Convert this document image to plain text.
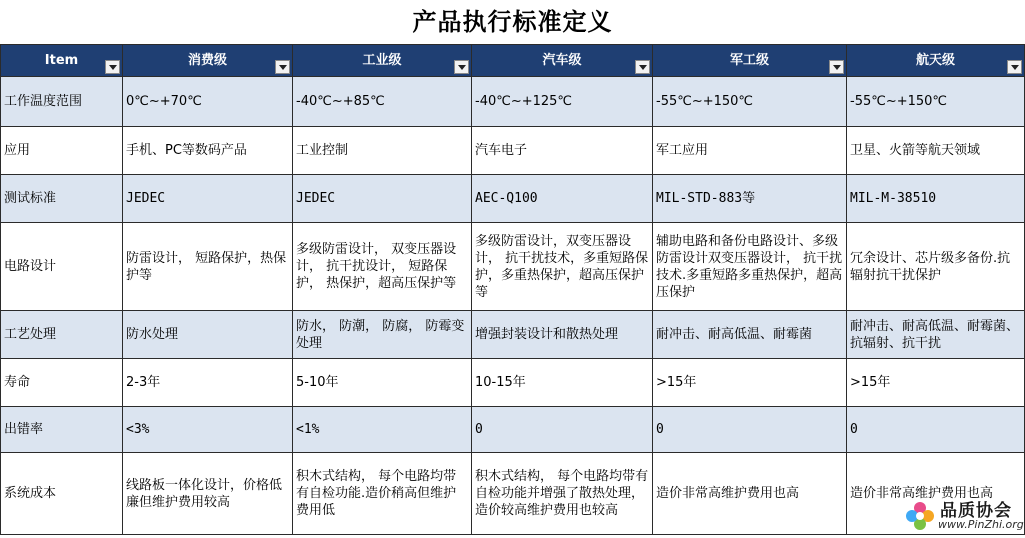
产品执行标准定义
Item	消费级	工业级	汽车级	军工级	航天级

工作温度范围	0℃~+70℃	-40℃~+85℃	-40℃~+125℃	-55℃~+150℃	-55℃~+150℃
应用	手机、PC等数码产品	工业控制	汽车电子	军工应用	卫星、火箭等航天领域
测试标准	JEDEC	JEDEC	AEC-Q100	MIL-STD-883等	MIL-M-38510
电路设计	防雷设计， 短路保护，热保护等	多级防雷设计， 双变压器设计， 抗干扰设计， 短路保护， 热保护，超高压保护等	多级防雷设计，双变压器设计， 抗干扰技术，多重短路保护，多重热保护，超高压保护等	辅助电路和备份电路设计、多级防雷设计双变压器设计， 抗干扰技术.多重短路多重热保护，超高压保护	冗余设计、芯片级多备份.抗辐射抗干扰保护
工艺处理	防水处理	防水， 防潮， 防腐， 防霉变处理	增强封装设计和散热处理	耐冲击、耐高低温、耐霉菌	耐冲击、耐高低温、耐霉菌、抗辐射、抗干扰
寿命	2-3年	5-10年	10-15年	>15年	>15年
出错率	<3%	<1%	0	0	0
系统成本	线路板一体化设计，价格低廉但维护费用较高	积木式结构， 每个电路均带有自检功能.造价稍高但维护费用低	积木式结构， 每个电路均带有自检功能并增强了散热处理，造价较高维护费用也较高	造价非常高维护费用也高	造价非常高维护费用也高
品质协会
www.PinZhi.org
